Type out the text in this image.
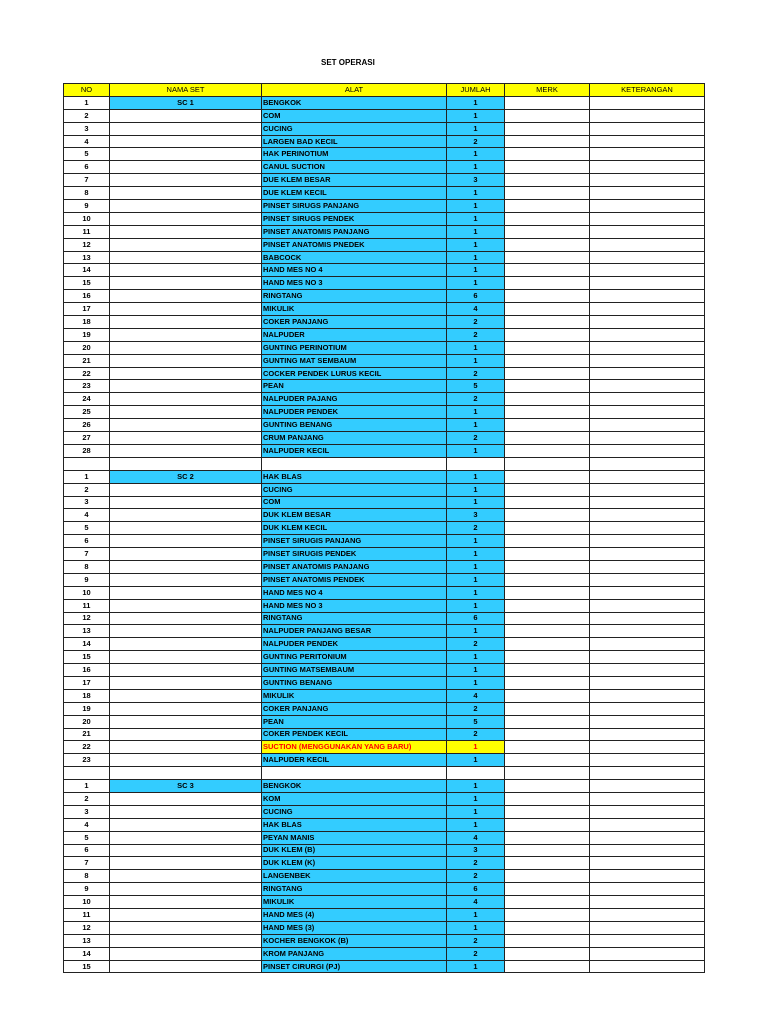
SET OPERASI
NO	NAMA SET	ALAT	JUMLAH	MERK	KETERANGAN
1	SC 1	BENGKOK	1		
2		COM	1		
3		CUCING	1		
4		LARGEN BAD KECIL	2		
5		HAK PERINOTIUM	1		
6		CANUL SUCTION	1		
7		DUE KLEM BESAR	3		
8		DUE KLEM KECIL	1		
9		PINSET SIRUGS PANJANG	1		
10		PINSET SIRUGS PENDEK	1		
11		PINSET ANATOMIS PANJANG	1		
12		PINSET ANATOMIS PNEDEK	1		
13		BABCOCK	1		
14		HAND MES NO 4	1		
15		HAND MES NO 3	1		
16		RINGTANG	6		
17		MIKULIK	4		
18		COKER PANJANG	2		
19		NALPUDER	2		
20		GUNTING PERINOTIUM	1		
21		GUNTING MAT SEMBAUM	1		
22		COCKER PENDEK LURUS KECIL	2		
23		PEAN	5		
24		NALPUDER PAJANG	2		
25		NALPUDER PENDEK	1		
26		GUNTING BENANG	1		
27		CRUM PANJANG	2		
28		NALPUDER KECIL	1		

1	SC 2	HAK BLAS	1		
2		CUCING	1		
3		COM	1		
4		DUK KLEM BESAR	3		
5		DUK KLEM KECIL	2		
6		PINSET SIRUGIS PANJANG	1		
7		PINSET SIRUGIS PENDEK	1		
8		PINSET ANATOMIS PANJANG	1		
9		PINSET ANATOMIS PENDEK	1		
10		HAND MES NO 4	1		
11		HAND MES NO 3	1		
12		RINGTANG	6		
13		NALPUDER PANJANG BESAR	1		
14		NALPUDER PENDEK	2		
15		GUNTING PERITONIUM	1		
16		GUNTING MATSEMBAUM	1		
17		GUNTING BENANG	1		
18		MIKULIK	4		
19		COKER PANJANG	2		
20		PEAN	5		
21		COKER PENDEK KECIL	2		
22		SUCTION (MENGGUNAKAN YANG BARU)	1		
23		NALPUDER KECIL	1		

1	SC 3	BENGKOK	1		
2		KOM	1		
3		CUCING	1		
4		HAK BLAS	1		
5		PEYAN MANIS	4		
6		DUK KLEM (B)	3		
7		DUK KLEM (K)	2		
8		LANGENBEK	2		
9		RINGTANG	6		
10		MIKULIK	4		
11		HAND MES (4)	1		
12		HAND MES (3)	1		
13		KOCHER BENGKOK (B)	2		
14		KROM PANJANG	2		
15		PINSET CIRURGI (PJ)	1		
